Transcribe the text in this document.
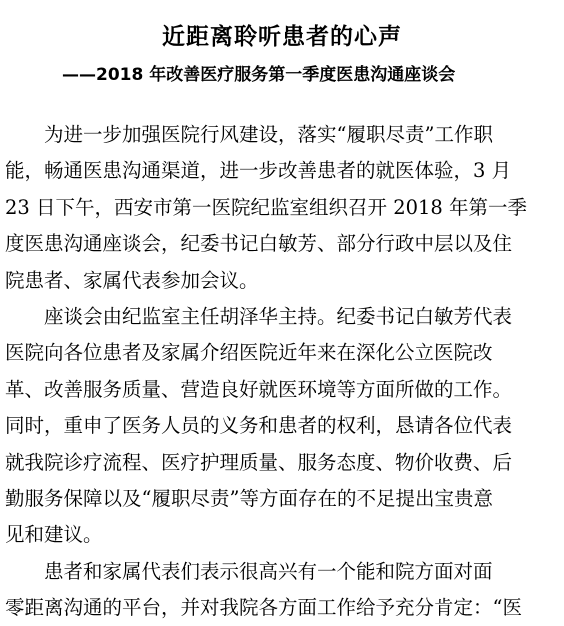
近距离聆听患者的心声
——2018 年改善医疗服务第一季度医患沟通座谈会
为进一步加强医院行风建设，落实“履职尽责”工作职
能，畅通医患沟通渠道，进一步改善患者的就医体验，3 月
23 日下午，西安市第一医院纪监室组织召开 2018 年第一季
度医患沟通座谈会，纪委书记白敏芳、部分行政中层以及住
院患者、家属代表参加会议。
座谈会由纪监室主任胡泽华主持。纪委书记白敏芳代表
医院向各位患者及家属介绍医院近年来在深化公立医院改
革、改善服务质量、营造良好就医环境等方面所做的工作。
同时，重申了医务人员的义务和患者的权利，恳请各位代表
就我院诊疗流程、医疗护理质量、服务态度、物价收费、后
勤服务保障以及“履职尽责”等方面存在的不足提出宝贵意
见和建议。
患者和家属代表们表示很高兴有一个能和院方面对面
零距离沟通的平台，并对我院各方面工作给予充分肯定：“医
